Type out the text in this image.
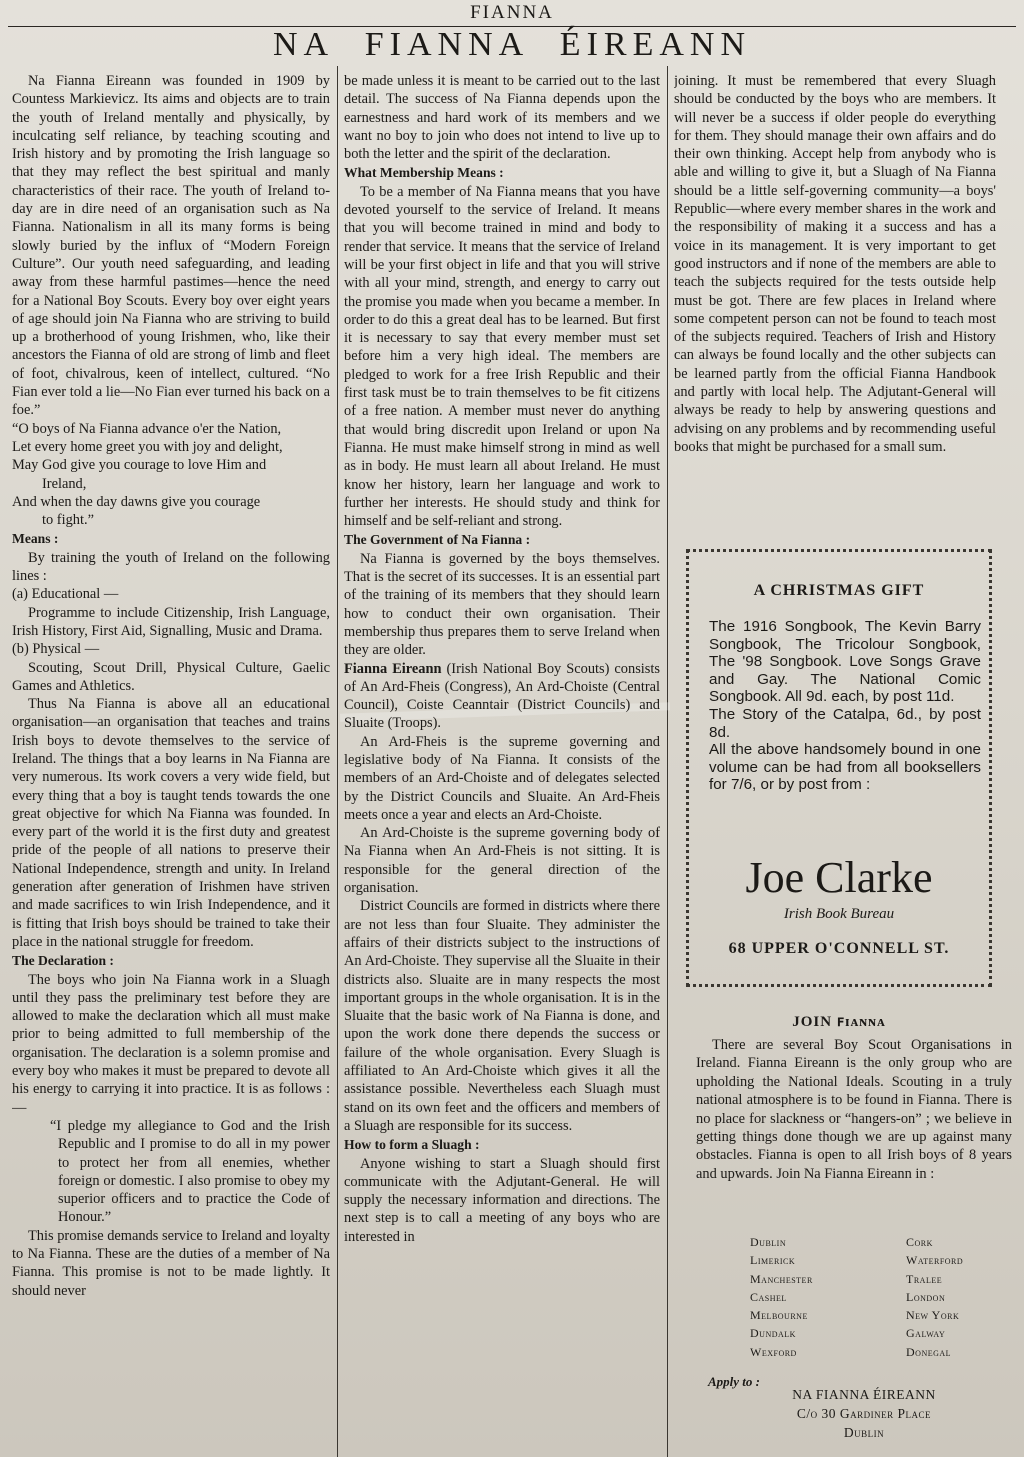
FIANNA
NA FIANNA ÉIREANN

Na Fianna Eireann was founded in 1909 by Countess Markievicz. Its aims and objects are to train the youth of Ireland mentally and physically, by inculcating self reliance, by teaching scouting and Irish history and by promoting the Irish language so that they may reflect the best spiritual and manly characteristics of their race. The youth of Ireland to-day are in dire need of an organisation such as Na Fianna. Nationalism in all its many forms is being slowly buried by the influx of “Modern Foreign Culture”. Our youth need safeguarding, and leading away from these harmful pastimes—hence the need for a National Boy Scouts. Every boy over eight years of age should join Na Fianna who are striving to build up a brotherhood of young Irishmen, who, like their ancestors the Fianna of old are strong of limb and fleet of foot, chivalrous, keen of intellect, cultured. “No Fian ever told a lie—No Fian ever turned his back on a foe.”

“O boys of Na Fianna advance o'er the Nation,
Let every home greet you with joy and delight,
May God give you courage to love Him and
Ireland,
And when the day dawns give you courage
to fight.”
Means :

By training the youth of Ireland on the following lines :

(a) Educational —

Programme to include Citizenship, Irish Language, Irish History, First Aid, Signalling, Music and Drama.

(b) Physical —

Scouting, Scout Drill, Physical Culture, Gaelic Games and Athletics.

Thus Na Fianna is above all an educational organisation—an organisation that teaches and trains Irish boys to devote themselves to the service of Ireland. The things that a boy learns in Na Fianna are very numerous. Its work covers a very wide field, but every thing that a boy is taught tends towards the one great objective for which Na Fianna was founded. In every part of the world it is the first duty and greatest pride of the people of all nations to preserve their National Independence, strength and unity. In Ireland generation after generation of Irishmen have striven and made sacrifices to win Irish Independence, and it is fitting that Irish boys should be trained to take their place in the national struggle for freedom.

The Declaration :

The boys who join Na Fianna work in a Sluagh until they pass the preliminary test before they are allowed to make the declaration which all must make prior to being admitted to full membership of the organisation. The declaration is a solemn promise and every boy who makes it must be prepared to devote all his energy to carrying it into practice. It is as follows :—

“I pledge my allegiance to God and the Irish Republic and I promise to do all in my power to protect her from all enemies, whether foreign or domestic. I also promise to obey my superior officers and to practice the Code of Honour.”

This promise demands service to Ireland and loyalty to Na Fianna. These are the duties of a member of Na Fianna. This promise is not to be made lightly. It should never

be made unless it is meant to be carried out to the last detail. The success of Na Fianna depends upon the earnestness and hard work of its members and we want no boy to join who does not intend to live up to both the letter and the spirit of the declaration.

What Membership Means :

To be a member of Na Fianna means that you have devoted yourself to the service of Ireland. It means that you will become trained in mind and body to render that service. It means that the service of Ireland will be your first object in life and that you will strive with all your mind, strength, and energy to carry out the promise you made when you became a member. In order to do this a great deal has to be learned. But first it is necessary to say that every member must set before him a very high ideal. The members are pledged to work for a free Irish Republic and their first task must be to train themselves to be fit citizens of a free nation. A member must never do anything that would bring discredit upon Ireland or upon Na Fianna. He must make himself strong in mind as well as in body. He must learn all about Ireland. He must know her history, learn her language and work to further her interests. He should study and think for himself and be self-reliant and strong.

The Government of Na Fianna :

Na Fianna is governed by the boys themselves. That is the secret of its successes. It is an essential part of the training of its members that they should learn how to conduct their own organisation. Their membership thus prepares them to serve Ireland when they are older.

Fianna Eireann (Irish National Boy Scouts) consists of An Ard-Fheis (Congress), An Ard-Choiste (Central Council), Coiste Ceanntair (District Councils) and Sluaite (Troops).

An Ard-Fheis is the supreme governing and legislative body of Na Fianna. It consists of the members of an Ard-Choiste and of delegates selected by the District Councils and Sluaite. An Ard-Fheis meets once a year and elects an Ard-Choiste.

An Ard-Choiste is the supreme governing body of Na Fianna when An Ard-Fheis is not sitting. It is responsible for the general direction of the organisation.

District Councils are formed in districts where there are not less than four Sluaite. They administer the affairs of their districts subject to the instructions of An Ard-Choiste. They supervise all the Sluaite in their districts also. Sluaite are in many respects the most important groups in the whole organisation. It is in the Sluaite that the basic work of Na Fianna is done, and upon the work done there depends the success or failure of the whole organisation. Every Sluagh is affiliated to An Ard-Choiste which gives it all the assistance possible. Nevertheless each Sluagh must stand on its own feet and the officers and members of a Sluagh are responsible for its success.

How to form a Sluagh :

Anyone wishing to start a Sluagh should first communicate with the Adjutant-General. He will supply the necessary information and directions. The next step is to call a meeting of any boys who are interested in

joining. It must be remembered that every Sluagh should be conducted by the boys who are members. It will never be a success if older people do everything for them. They should manage their own affairs and do their own thinking. Accept help from anybody who is able and willing to give it, but a Sluagh of Na Fianna should be a little self-governing community—a boys' Republic—where every member shares in the work and the responsibility of making it a success and has a voice in its management. It is very important to get good instructors and if none of the members are able to teach the subjects required for the tests outside help must be got. There are few places in Ireland where some competent person can not be found to teach most of the subjects required. Teachers of Irish and History can always be found locally and the other subjects can be learned partly from the official Fianna Handbook and partly with local help. The Adjutant-General will always be ready to help by answering questions and advising on any problems and by recommending useful books that might be purchased for a small sum.

A CHRISTMAS GIFT
The 1916 Songbook, The Kevin Barry Songbook, The Tricolour Songbook, The '98 Songbook. Love Songs Grave and Gay. The National Comic Songbook. All 9d. each, by post 11d.
The Story of the Catalpa, 6d., by post 8d.
All the above handsomely bound in one volume can be had from all booksellers for 7/6, or by post from :
Joe Clarke
Irish Book Bureau
68 UPPER O'CONNELL ST.
JOIN ꜰɪᴀɴɴᴀ

There are several Boy Scout Organisations in Ireland. Fianna Eireann is the only group who are upholding the National Ideals. Scouting in a truly national atmosphere is to be found in Fianna. There is no place for slackness or “hangers-on” ; we believe in getting things done though we are up against many obstacles. Fianna is open to all Irish boys of 8 years and upwards. Join Na Fianna Eireann in :

Dublin
Limerick
Manchester
Cashel
Melbourne
Dundalk
Wexford
Cork
Waterford
Tralee
London
New York
Galway
Donegal
Apply to :
NA FIANNA ÉIREANN
C/o 30 Gardiner Place
Dublin
